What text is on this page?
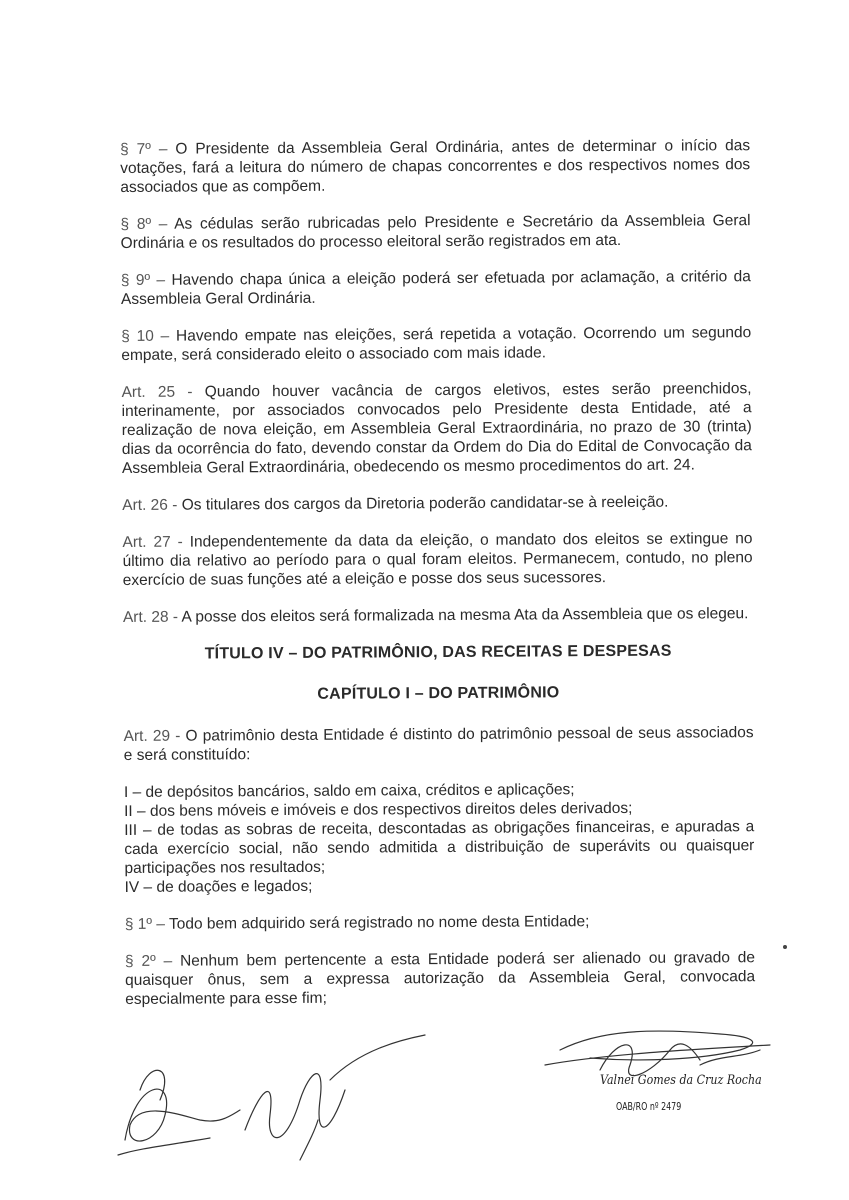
§ 7º – O Presidente da Assembleia Geral Ordinária, antes de determinar o início das votações, fará a leitura do número de chapas concorrentes e dos respectivos nomes dos associados que as compõem.

§ 8º – As cédulas serão rubricadas pelo Presidente e Secretário da Assembleia Geral Ordinária e os resultados do processo eleitoral serão registrados em ata.

§ 9º – Havendo chapa única a eleição poderá ser efetuada por aclamação, a critério da Assembleia Geral Ordinária.

§ 10 – Havendo empate nas eleições, será repetida a votação. Ocorrendo um segundo empate, será considerado eleito o associado com mais idade.

Art. 25 - Quando houver vacância de cargos eletivos, estes serão preenchidos, interinamente, por associados convocados pelo Presidente desta Entidade, até a realização de nova eleição, em Assembleia Geral Extraordinária, no prazo de 30 (trinta) dias da ocorrência do fato, devendo constar da Ordem do Dia do Edital de Convocação da Assembleia Geral Extraordinária, obedecendo os mesmo procedimentos do art. 24.

Art. 26 - Os titulares dos cargos da Diretoria poderão candidatar-se à reeleição.

Art. 27 - Independentemente da data da eleição, o mandato dos eleitos se extingue no último dia relativo ao período para o qual foram eleitos. Permanecem, contudo, no pleno exercício de suas funções até a eleição e posse dos seus sucessores.

Art. 28 - A posse dos eleitos será formalizada na mesma Ata da Assembleia que os elegeu.

TÍTULO IV – DO PATRIMÔNIO, DAS RECEITAS E DESPESAS
CAPÍTULO I – DO PATRIMÔNIO

Art. 29 - O patrimônio desta Entidade é distinto do patrimônio pessoal de seus associados e será constituído:

I – de depósitos bancários, saldo em caixa, créditos e aplicações;
II – dos bens móveis e imóveis e dos respectivos direitos deles derivados;
III – de todas as sobras de receita, descontadas as obrigações financeiras, e apuradas a cada exercício social, não sendo admitida a distribuição de superávits ou quaisquer participações nos resultados;
IV – de doações e legados;

§ 1º – Todo bem adquirido será registrado no nome desta Entidade;

§ 2º – Nenhum bem pertencente a esta Entidade poderá ser alienado ou gravado de quaisquer ônus, sem a expressa autorização da Assembleia Geral, convocada especialmente para esse fim;

Valnei Gomes da Cruz Rocha
OAB/RO nº 2479
